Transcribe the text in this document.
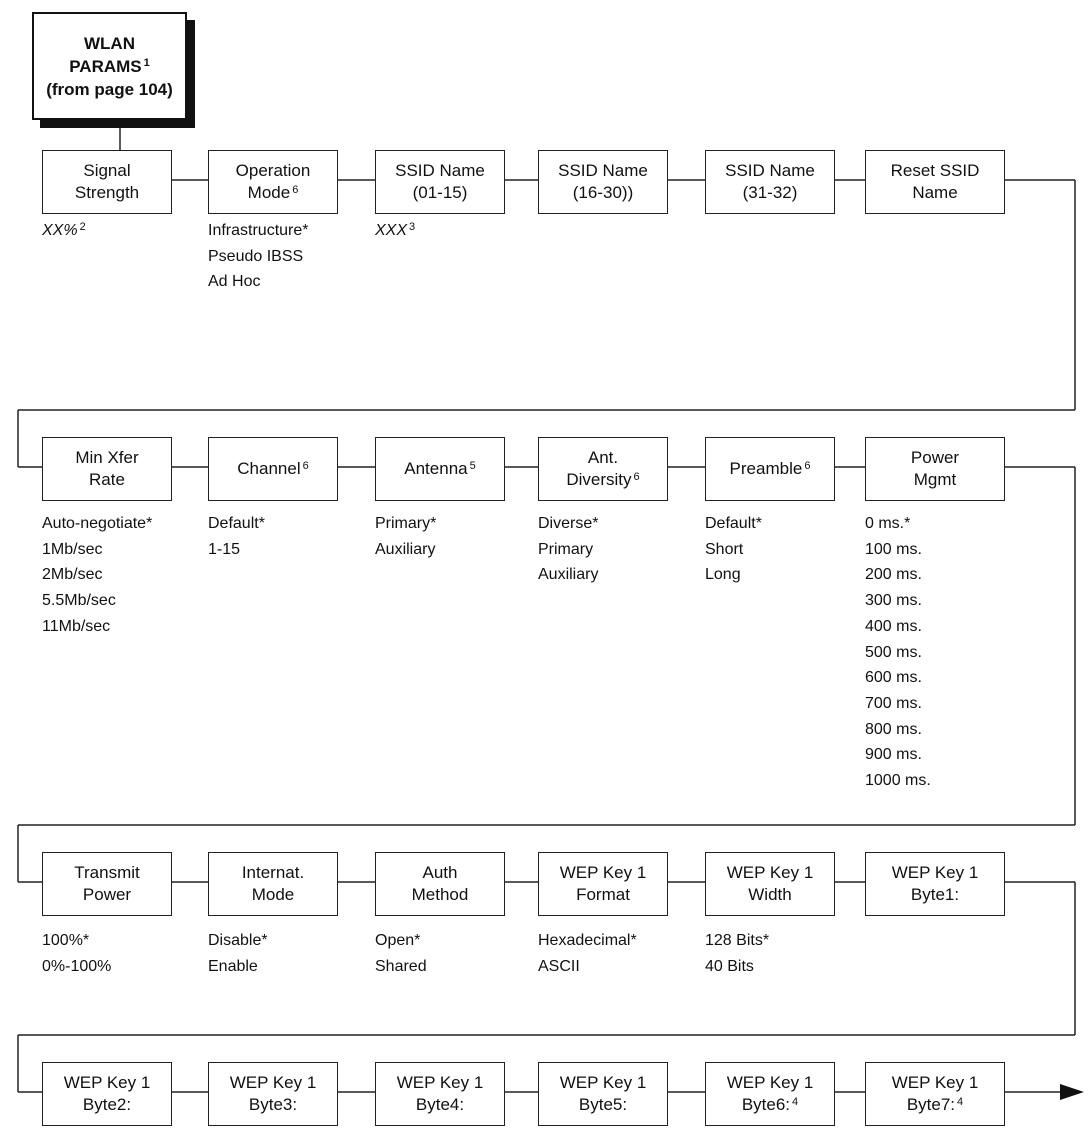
WLAN
PARAMS $^1$
(from page 104)
Signal
Strength
XX% $^2$
Operation
Mode $^6$
Infrastructure*
Pseudo IBSS
Ad Hoc
SSID Name
(01-15)
XXX $^3$
SSID Name
(16-30))
SSID Name
(31-32)
Reset SSID
Name
Min Xfer
Rate
Auto-negotiate*
1Mb/sec
2Mb/sec
5.5Mb/sec
11Mb/sec
Channel $^6$
Default*
1-15
Antenna $^5$
Primary*
Auxiliary
Ant.
Diversity $^6$
Diverse*
Primary
Auxiliary
Preamble $^6$
Default*
Short
Long
Power
Mgmt
0 ms.*
100 ms.
200 ms.
300 ms.
400 ms.
500 ms.
600 ms.
700 ms.
800 ms.
900 ms.
1000 ms.
Transmit
Power
100%*
0%-100%
Internat.
Mode
Disable*
Enable
Auth
Method
Open*
Shared
WEP Key 1
Format
Hexadecimal*
ASCII
WEP Key 1
Width
128 Bits*
40 Bits
WEP Key 1
Byte1:
WEP Key 1
Byte2:
WEP Key 1
Byte3:
WEP Key 1
Byte4:
WEP Key 1
Byte5:
WEP Key 1
Byte6: $^4$
WEP Key 1
Byte7: $^4$
